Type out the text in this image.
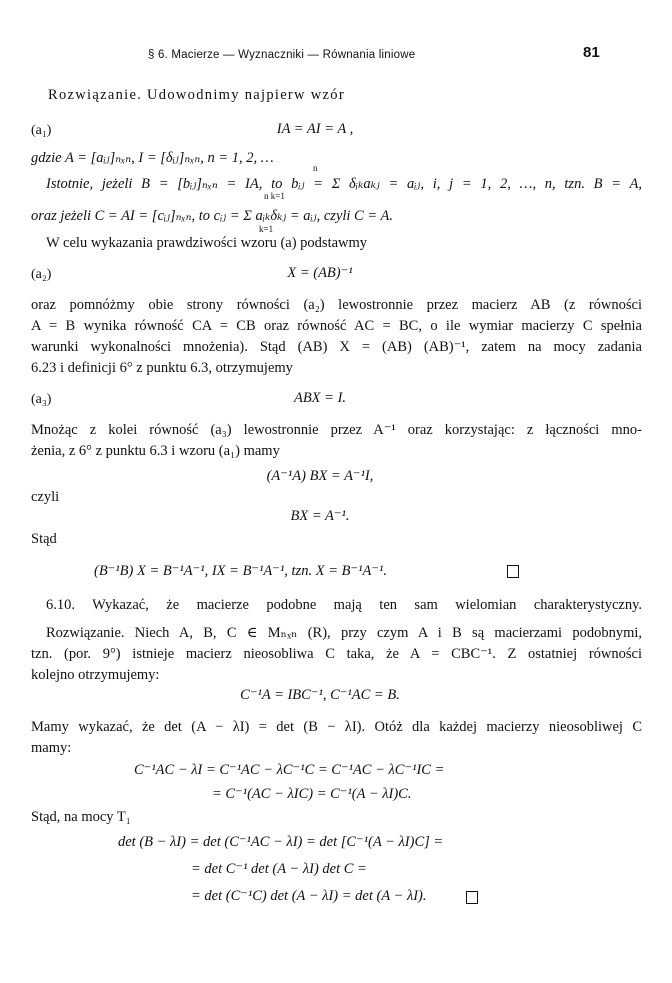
§ 6. Macierze — Wyznaczniki — Równania liniowe	81
Rozwiązanie. Udowodnimy najpierw wzór
(a₁)	IA = AI = A ,
gdzie A = [aᵢⱼ]ₙₓₙ, I = [δᵢⱼ]ₙₓₙ, n = 1, 2, …
n
Istotnie, jeżeli B = [bᵢⱼ]ₙₓₙ = IA, to bᵢⱼ = Σ δᵢₖaₖⱼ = aᵢⱼ, i, j = 1, 2, …, n, tzn. B = A,
n k=1
oraz jeżeli C = AI = [cᵢⱼ]ₙₓₙ, to cᵢⱼ = Σ aᵢₖδₖⱼ = aᵢⱼ, czyli C = A.
k=1
W celu wykazania prawdziwości wzoru (a) podstawmy
(a₂)	X = (AB)⁻¹
oraz pomnóżmy obie strony równości (a₂) lewostronnie przez macierz AB (z równości
A = B wynika równość CA = CB oraz równość AC = BC, o ile wymiar macierzy C spełnia
warunki wykonalności mnożenia). Stąd (AB) X = (AB) (AB)⁻¹, zatem na mocy zadania
6.23 i definicji 6° z punktu 6.3, otrzymujemy
(a₃)	ABX = I.
Mnożąc z kolei równość (a₃) lewostronnie przez A⁻¹ oraz korzystając: z łączności mno-
żenia, z 6° z punktu 6.3 i wzoru (a₁) mamy
(A⁻¹A) BX = A⁻¹I,
czyli
BX = A⁻¹.
Stąd
(B⁻¹B) X = B⁻¹A⁻¹, IX = B⁻¹A⁻¹, tzn. X = B⁻¹A⁻¹.
6.10. Wykazać, że macierze podobne mają ten sam wielomian charakterystyczny.
Rozwiązanie. Niech A, B, C ∈ Mₙₓₙ (R), przy czym A i B są macierzami podobnymi,
tzn. (por. 9°) istnieje macierz nieosobliwa C taka, że A = CBC⁻¹. Z ostatniej równości
kolejno otrzymujemy:
C⁻¹A = IBC⁻¹, C⁻¹AC = B.
Mamy wykazać, że det (A − λI) = det (B − λI). Otóż dla każdej macierzy nieosobliwej C
mamy:
C⁻¹AC − λI = C⁻¹AC − λC⁻¹C = C⁻¹AC − λC⁻¹IC =
= C⁻¹(AC − λIC) = C⁻¹(A − λI)C.
Stąd, na mocy T₁
det (B − λI) = det (C⁻¹AC − λI) = det [C⁻¹(A − λI)C] =
= det C⁻¹ det (A − λI) det C =
= det (C⁻¹C) det (A − λI) = det (A − λI).
